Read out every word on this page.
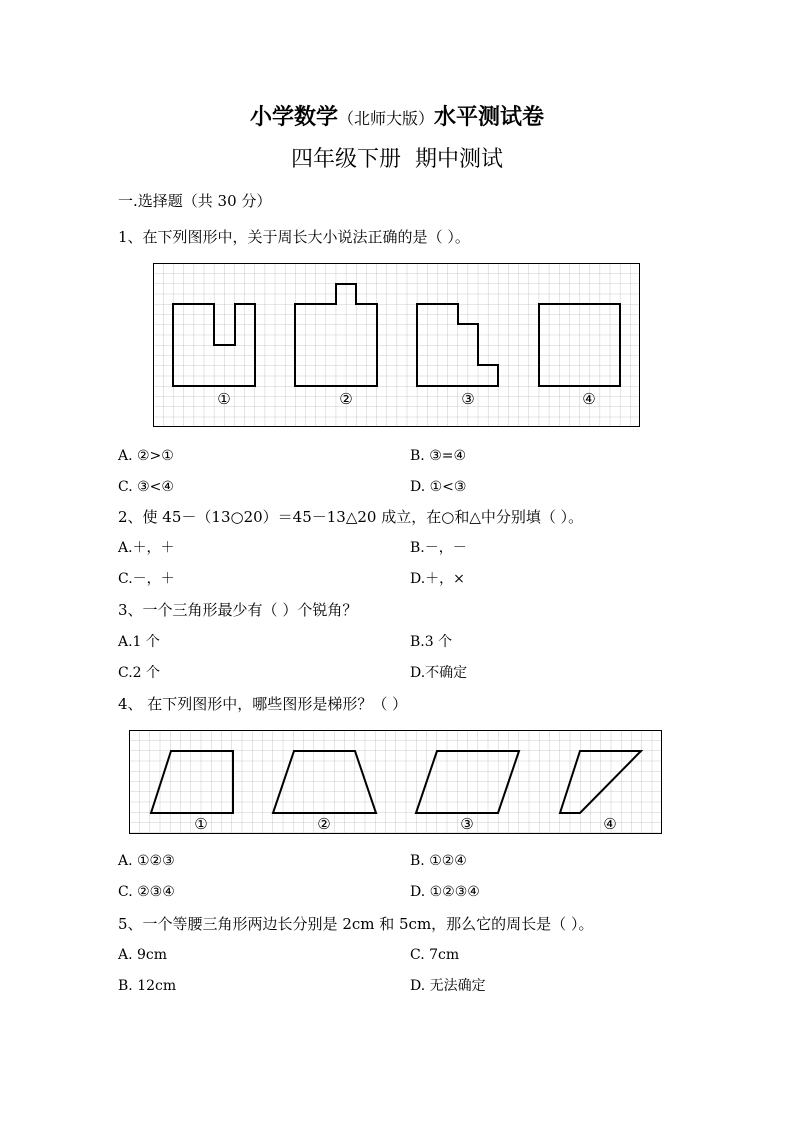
小学数学（北师大版）水平测试卷
四年级下册  期中测试
一.选择题（共 30 分）
1、在下列图形中，关于周长大小说法正确的是（ ）。
①	②	③	④
A. ②>①	B. ③=④
C. ③<④	D. ①<③
2、使 45－（13○20）＝45－13△20 成立，在○和△中分别填（ ）。
A.＋，＋	B.－，－
C.－，＋	D.＋，×
3、一个三角形最少有（ ）个锐角？
A.1 个	B.3 个
C.2 个	D.不确定
4、 在下列图形中，哪些图形是梯形？（ ）
①	②	③	④
A. ①②③	B. ①②④
C. ②③④	D. ①②③④
5、一个等腰三角形两边长分别是 2cm 和 5cm，那么它的周长是（ ）。
A. 9cm	C. 7cm
B. 12cm	D. 无法确定
